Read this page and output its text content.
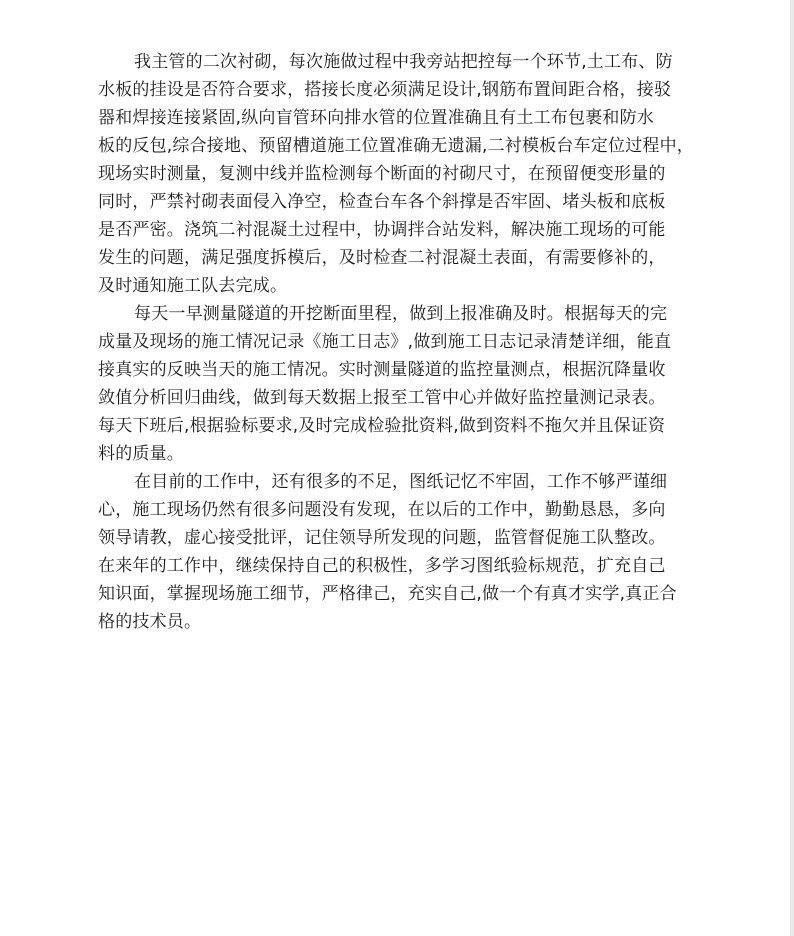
我主管的二次衬砌，每次施做过程中我旁站把控每一个环节,土工布、防
水板的挂设是否符合要求，搭接长度必须满足设计,钢筋布置间距合格，接驳
器和焊接连接紧固,纵向盲管环向排水管的位置准确且有土工布包裹和防水
板的反包,综合接地、预留槽道施工位置准确无遗漏,二衬模板台车定位过程中，
现场实时测量，复测中线并监检测每个断面的衬砌尺寸，在预留便变形量的
同时，严禁衬砌表面侵入净空，检查台车各个斜撑是否牢固、堵头板和底板
是否严密。浇筑二衬混凝土过程中，协调拌合站发料，解决施工现场的可能
发生的问题，满足强度拆模后，及时检查二衬混凝土表面，有需要修补的，
及时通知施工队去完成。
每天一早测量隧道的开挖断面里程，做到上报准确及时。根据每天的完
成量及现场的施工情况记录《施工日志》,做到施工日志记录清楚详细，能直
接真实的反映当天的施工情况。实时测量隧道的监控量测点，根据沉降量收
敛值分析回归曲线，做到每天数据上报至工管中心并做好监控量测记录表。
每天下班后,根据验标要求,及时完成检验批资料,做到资料不拖欠并且保证资
料的质量。
在目前的工作中，还有很多的不足，图纸记忆不牢固，工作不够严谨细
心，施工现场仍然有很多问题没有发现，在以后的工作中，勤勤恳恳，多向
领导请教，虚心接受批评，记住领导所发现的问题，监管督促施工队整改。
在来年的工作中，继续保持自己的积极性，多学习图纸验标规范，扩充自己
知识面，掌握现场施工细节，严格律己，充实自己,做一个有真才实学,真正合
格的技术员。
